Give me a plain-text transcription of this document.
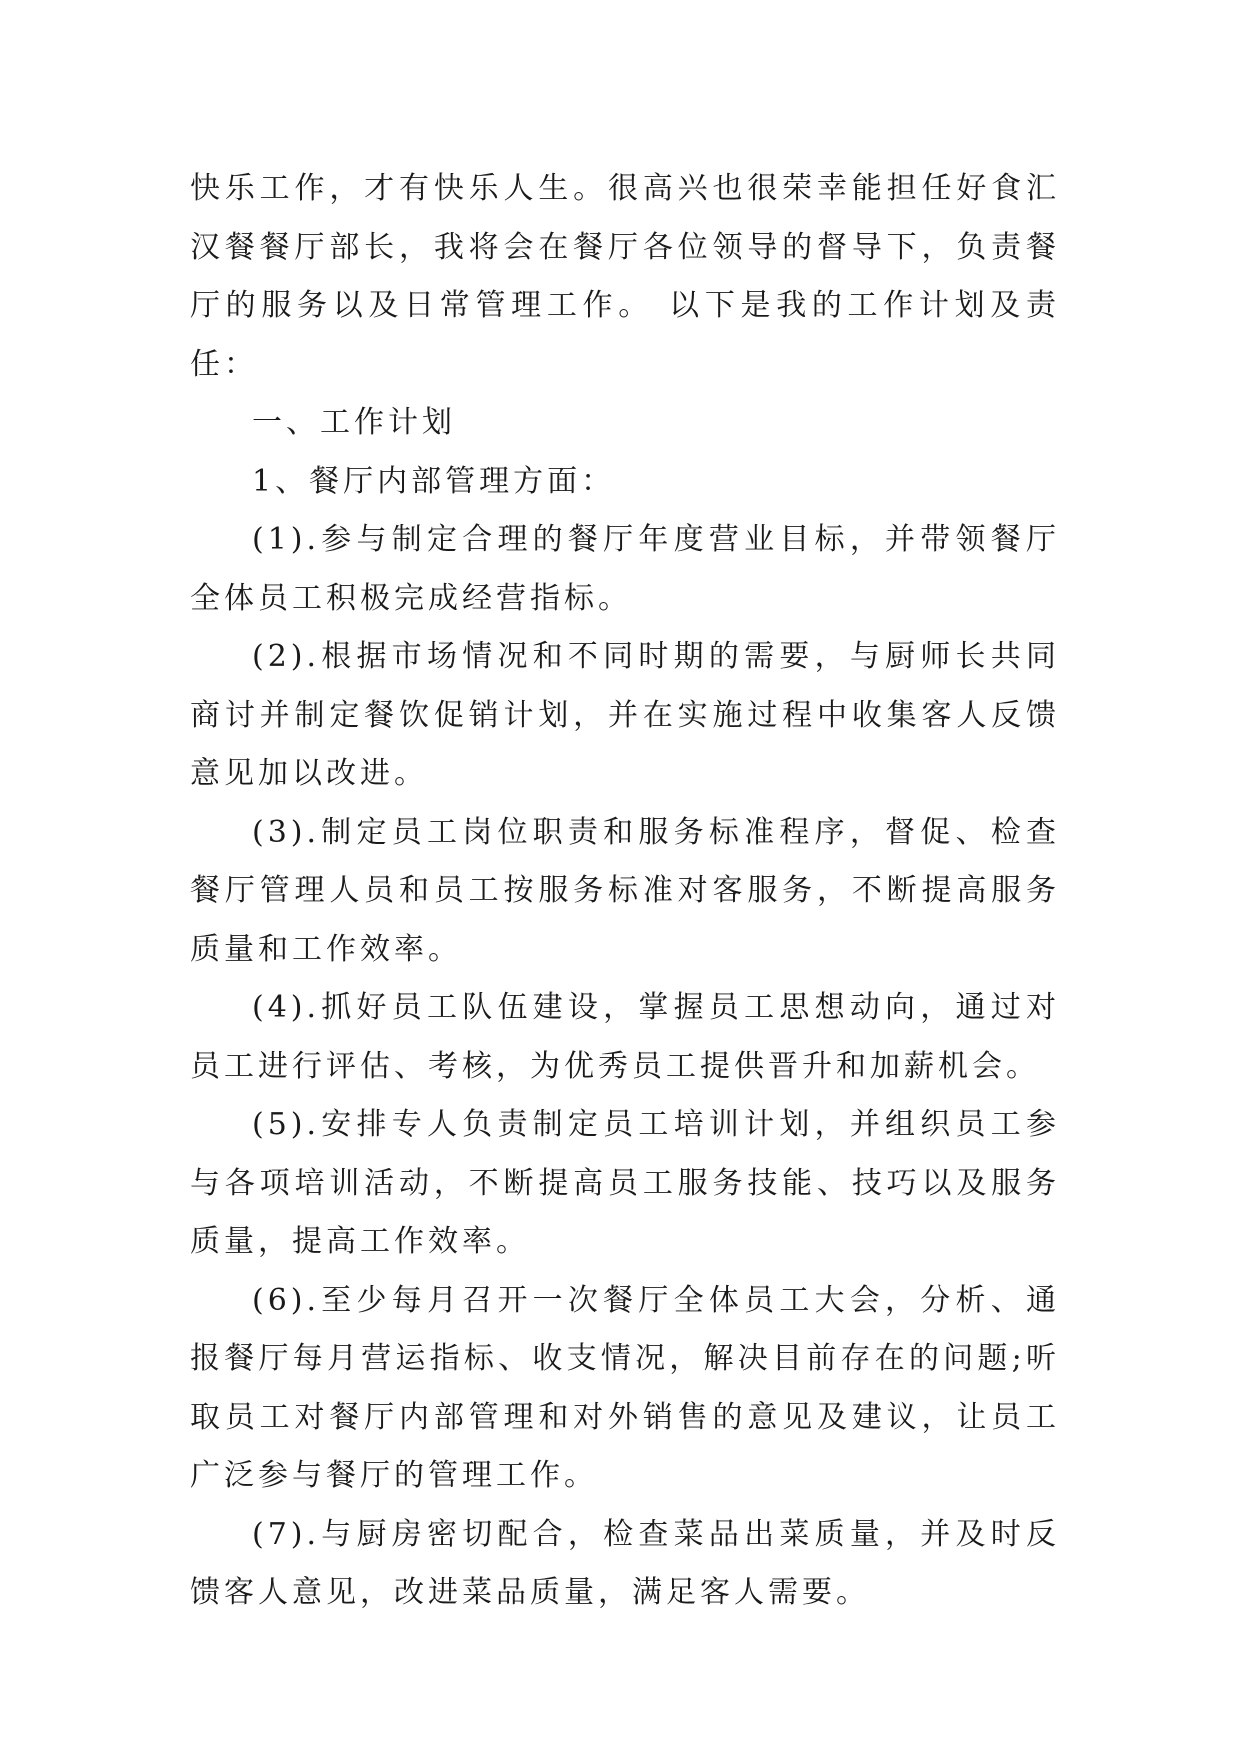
快乐工作，才有快乐人生。很高兴也很荣幸能担任好食汇汉餐餐厅部长，我将会在餐厅各位领导的督导下，负责餐厅的服务以及日常管理工作。 以下是我的工作计划及责任：

一、工作计划

1、餐厅内部管理方面：

(1).参与制定合理的餐厅年度营业目标，并带领餐厅全体员工积极完成经营指标。

(2).根据市场情况和不同时期的需要，与厨师长共同商讨并制定餐饮促销计划，并在实施过程中收集客人反馈意见加以改进。

(3).制定员工岗位职责和服务标准程序，督促、检查餐厅管理人员和员工按服务标准对客服务，不断提高服务质量和工作效率。

(4).抓好员工队伍建设，掌握员工思想动向，通过对员工进行评估、考核，为优秀员工提供晋升和加薪机会。

(5).安排专人负责制定员工培训计划，并组织员工参与各项培训活动，不断提高员工服务技能、技巧以及服务质量，提高工作效率。

(6).至少每月召开一次餐厅全体员工大会，分析、通报餐厅每月营运指标、收支情况，解决目前存在的问题;听取员工对餐厅内部管理和对外销售的意见及建议，让员工广泛参与餐厅的管理工作。

(7).与厨房密切配合，检查菜品出菜质量，并及时反馈客人意见，改进菜品质量，满足客人需要。
